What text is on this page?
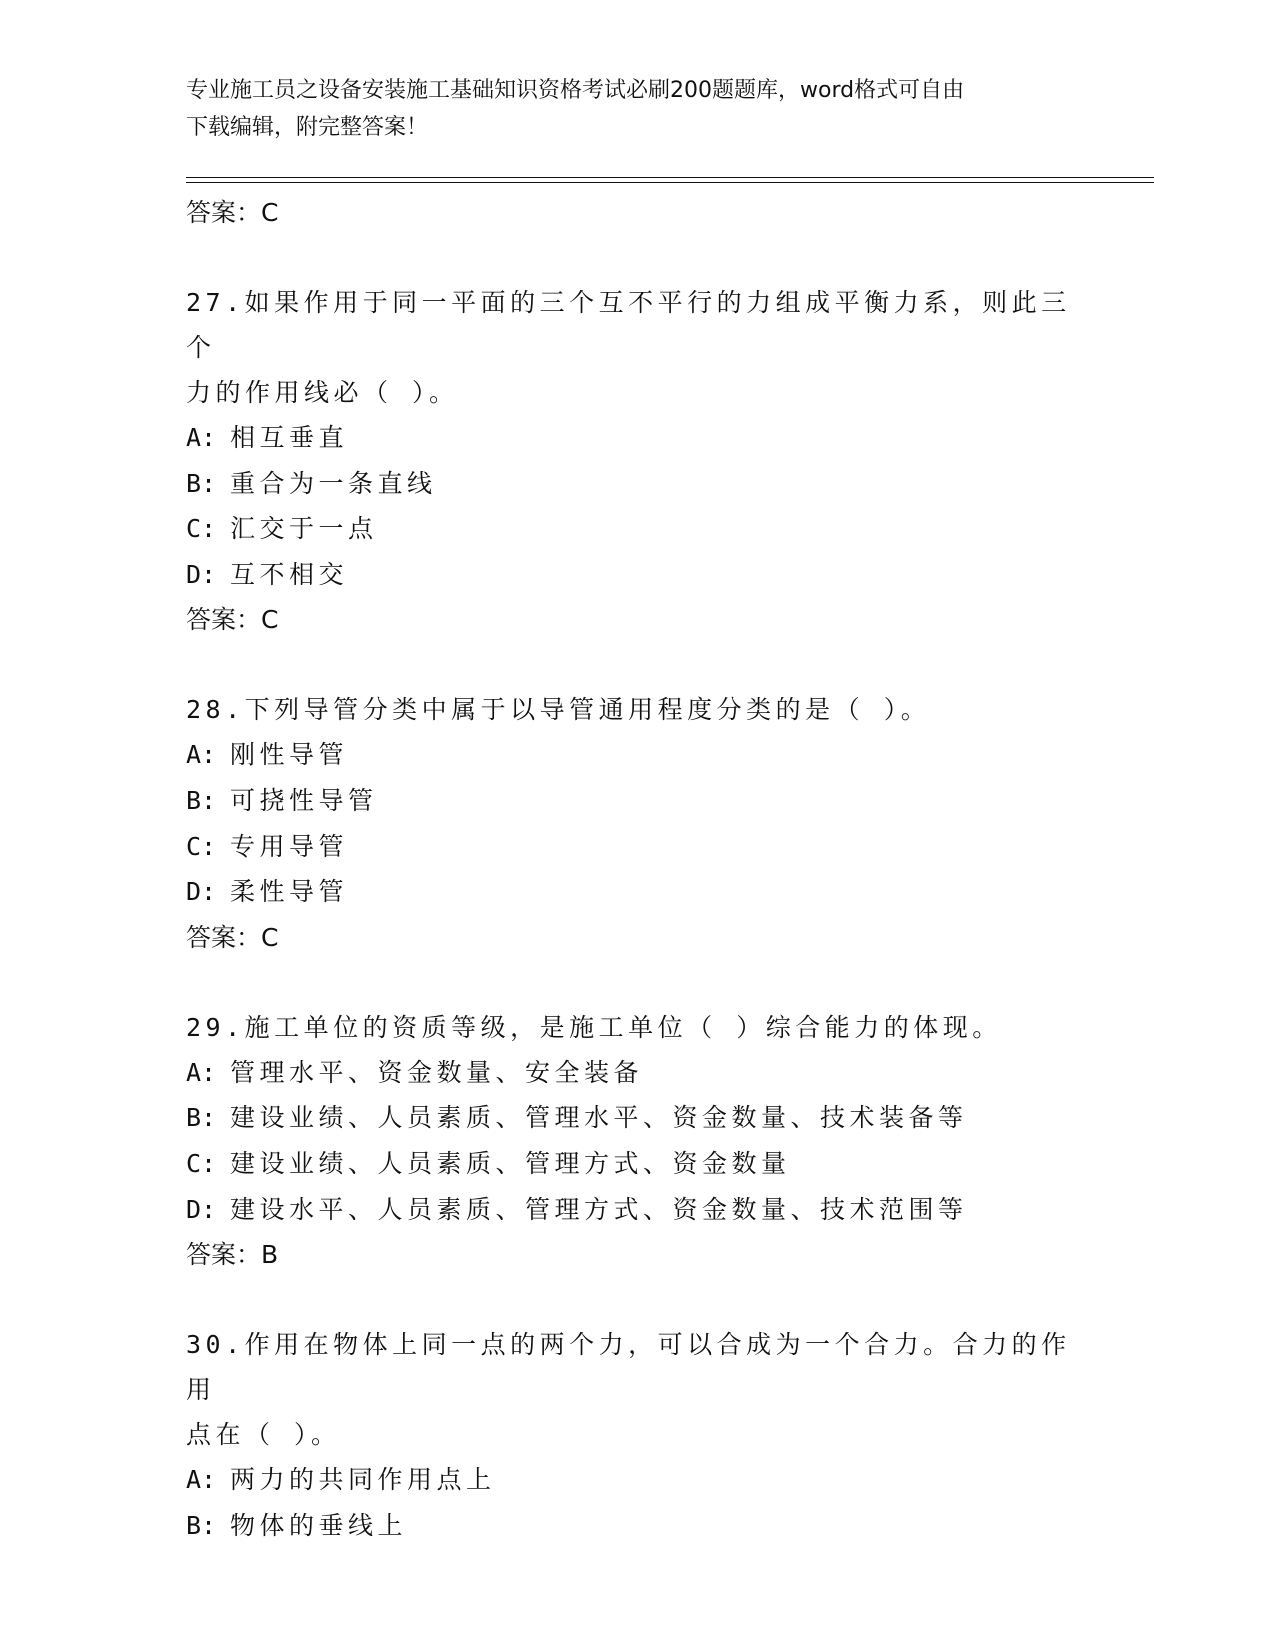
专业施工员之设备安装施工基础知识资格考试必刷200题题库，word格式可自由
下载编辑，附完整答案！
答案：C
27.如果作用于同一平面的三个互不平行的力组成平衡力系，则此三个
力的作用线必（ ）。
A: 相互垂直
B: 重合为一条直线
C: 汇交于一点
D: 互不相交
答案：C
28.下列导管分类中属于以导管通用程度分类的是（ ）。
A: 刚性导管
B: 可挠性导管
C: 专用导管
D: 柔性导管
答案：C
29.施工单位的资质等级，是施工单位（ ）综合能力的体现。
A: 管理水平、资金数量、安全装备
B: 建设业绩、人员素质、管理水平、资金数量、技术装备等
C: 建设业绩、人员素质、管理方式、资金数量
D: 建设水平、人员素质、管理方式、资金数量、技术范围等
答案：B
30.作用在物体上同一点的两个力，可以合成为一个合力。合力的作用
点在（ ）。
A: 两力的共同作用点上
B: 物体的垂线上
